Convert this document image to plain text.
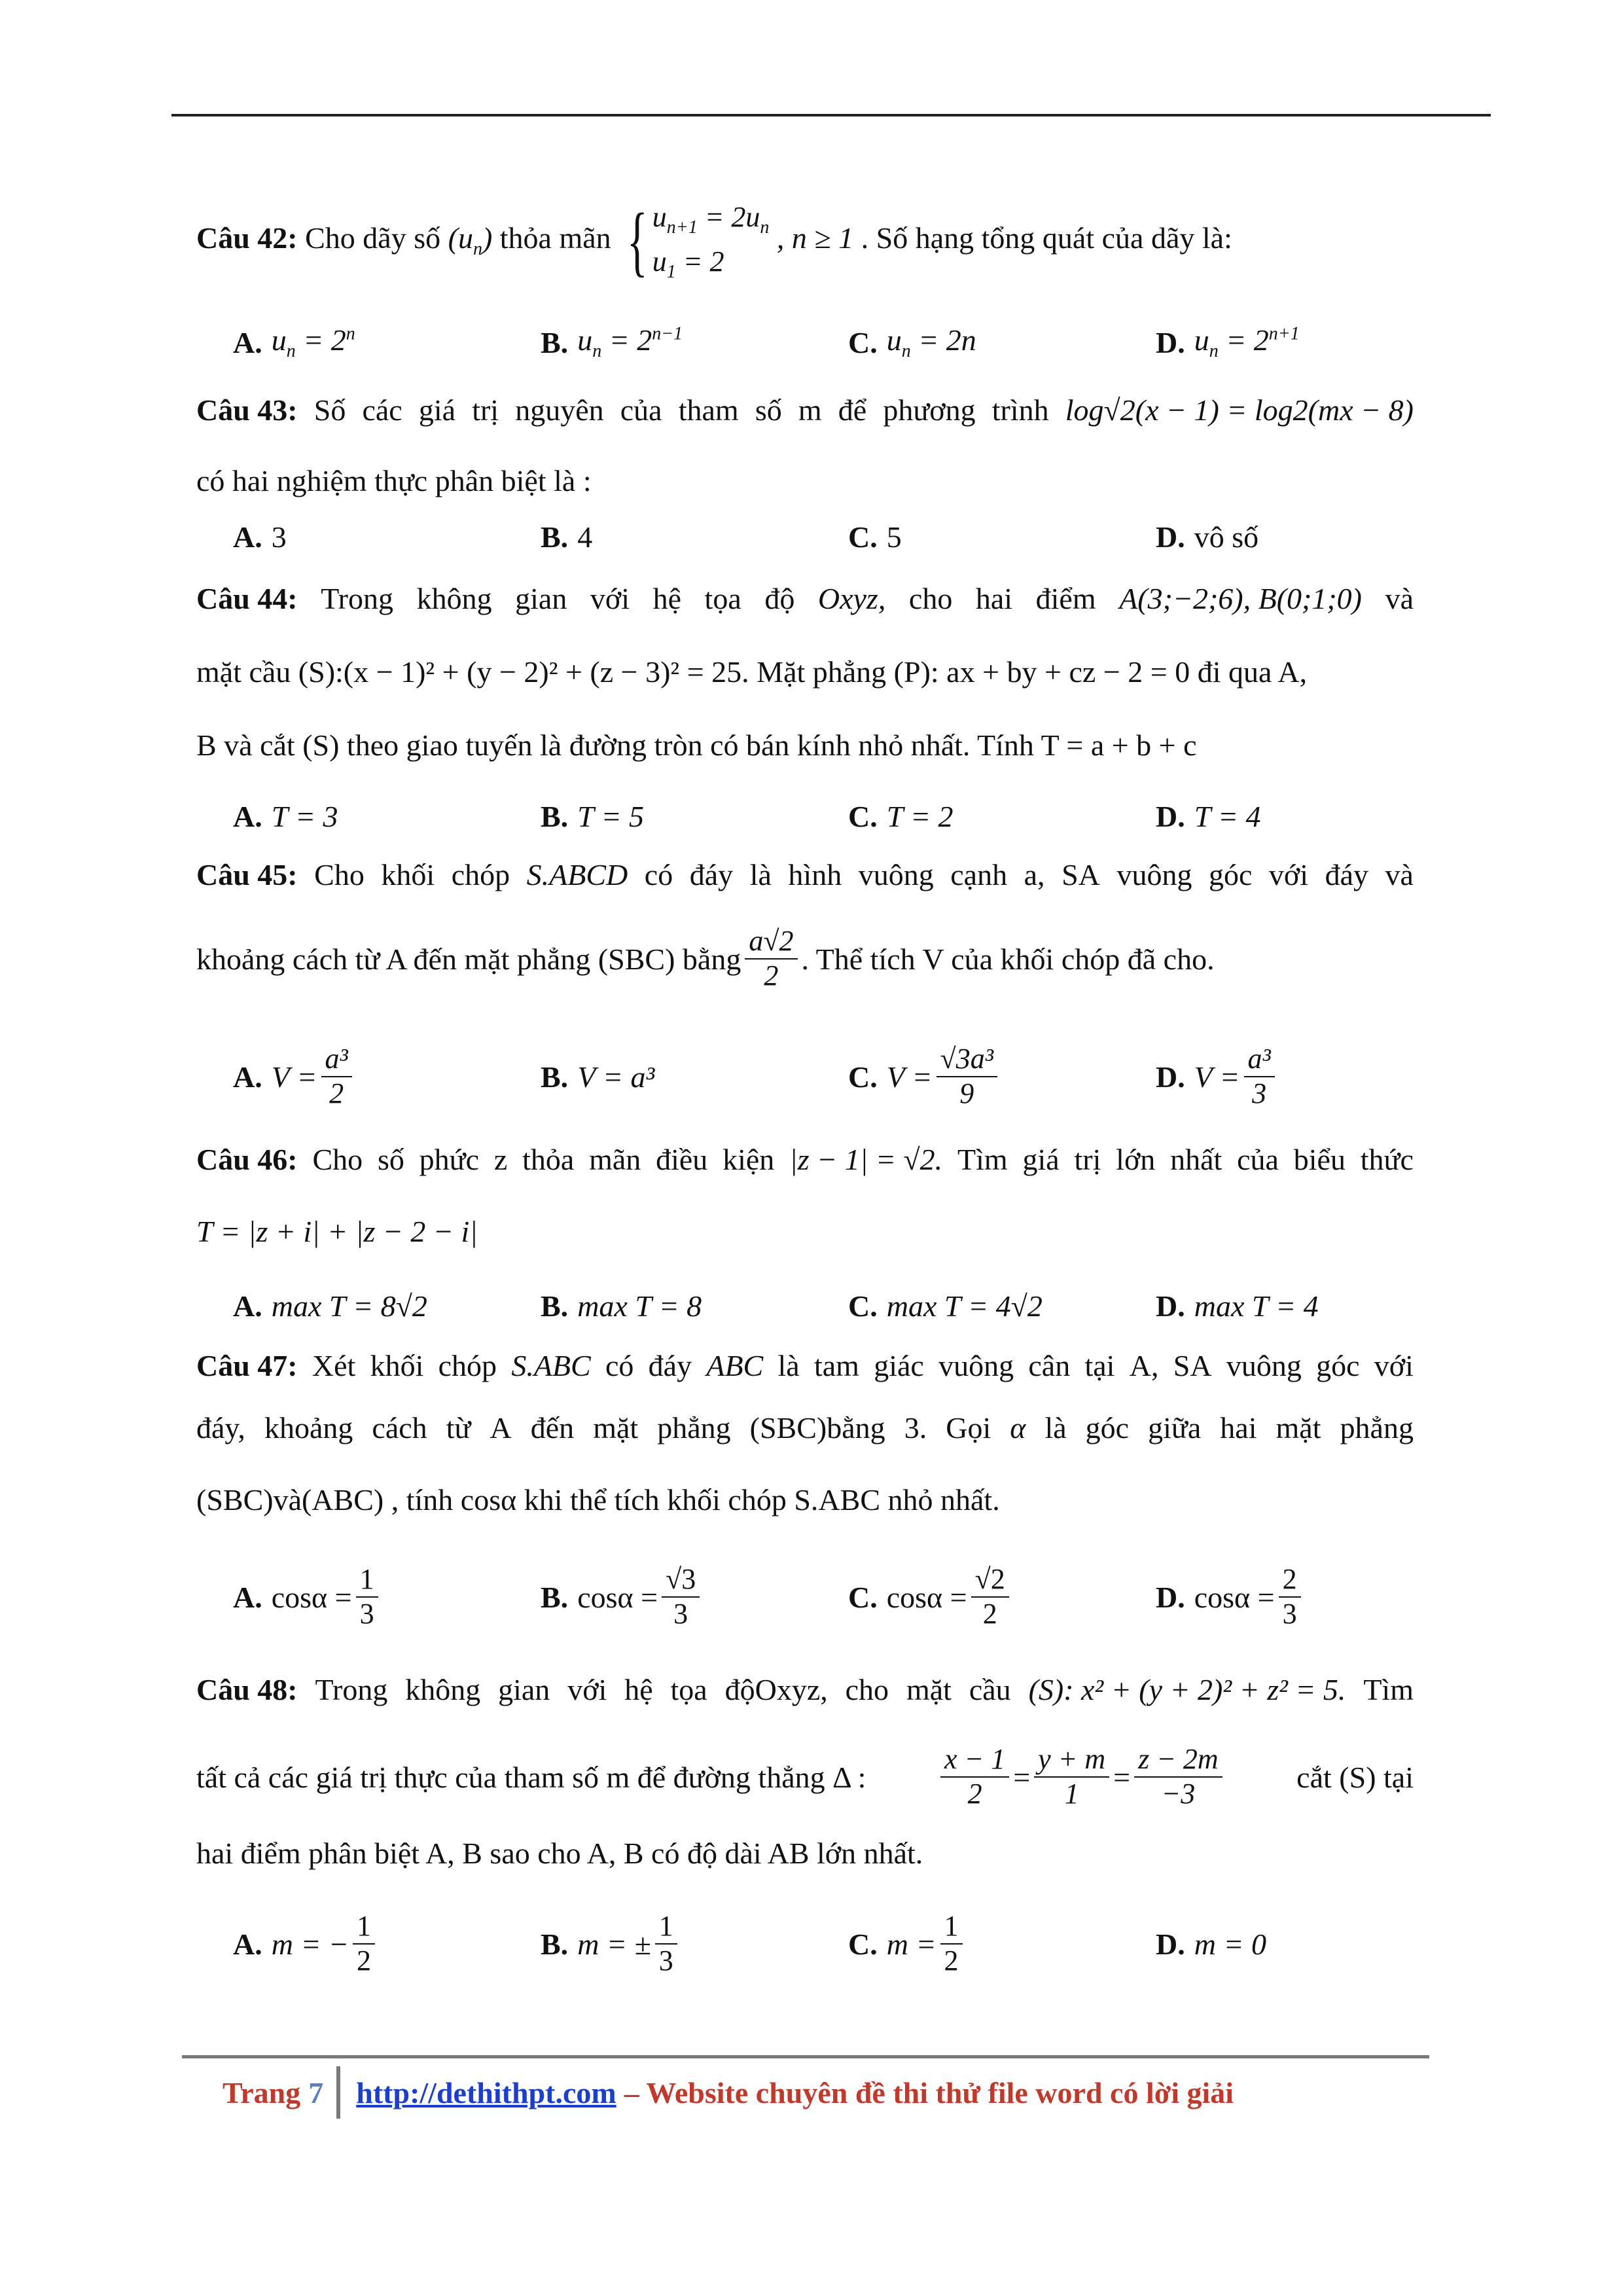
Câu 42: Cho dãy số $(u_n)$ thỏa mãn { $u_{n+1} = 2u_n$
$u_1 = 2$
, n ≥ 1 . Số hạng tổng quát của dãy là:
A. $u_n = 2^n$	B. $u_n = 2^{n-1}$	C. $u_n = 2n$	D. $u_n = 2^{n+1}$
Câu 43: Số các giá trị nguyên của tham số m để phương trình log√2(x − 1) = log2(mx − 8)
có hai nghiệm thực phân biệt là :
A. 3	B. 4	C. 5	D. vô số
Câu 44: Trong không gian với hệ tọa độ Oxyz, cho hai điểm A(3;−2;6), B(0;1;0) và
mặt cầu (S):(x − 1)² + (y − 2)² + (z − 3)² = 25. Mặt phẳng (P): ax + by + cz − 2 = 0 đi qua A,
B và cắt (S) theo giao tuyến là đường tròn có bán kính nhỏ nhất. Tính T = a + b + c
A. T = 3	B. T = 5	C. T = 2	D. T = 4
Câu 45: Cho khối chóp S.ABCD có đáy là hình vuông cạnh a, SA vuông góc với đáy và
khoảng cách từ A đến mặt phẳng (SBC) bằng $\frac{a√2}{2}$ . Thể tích V của khối chóp đã cho.
A. $V = \frac{\text{a³}}{2}$	B. V = a³	C. $V = \frac{\text{√3a³}}{9}$	D. $V = \frac{\text{a³}}{3}$
Câu 46: Cho số phức z thỏa mãn điều kiện |z − 1| = √2. Tìm giá trị lớn nhất của biểu thức
T = |z + i| + |z − 2 − i|
A. max T = 8√2	B. max T = 8	C. max T = 4√2	D. max T = 4
Câu 47: Xét khối chóp S.ABC có đáy ABC là tam giác vuông cân tại A, SA vuông góc với
đáy, khoảng cách từ A đến mặt phẳng (SBC)bằng 3. Gọi α là góc giữa hai mặt phẳng
(SBC)và(ABC) , tính cosα khi thể tích khối chóp S.ABC nhỏ nhất.
A. $\cos\alpha = \frac{1}{3}$	B. $\cos\alpha = \frac{√3}{3}$	C. $\cos\alpha = \frac{√2}{2}$	D. $\cos\alpha = \frac{2}{3}$
Câu 48: Trong không gian với hệ tọa độOxyz, cho mặt cầu (S): x² + (y + 2)² + z² = 5. Tìm
tất cả các giá trị thực của tham số m để đường thẳng Δ :	$\frac{x - 1}{2} = \frac{y + m}{1} = \frac{z - 2m}{-3}$ cắt (S) tại
hai điểm phân biệt A, B sao cho A, B có độ dài AB lớn nhất.
A. m = − $\frac{1}{2}$	B. m = ± $\frac{1}{3}$	C. $m = \frac{1}{2}$	D. m = 0
Trang 7 http://dethithpt.com – Website chuyên đề thi thử file word có lời giải
